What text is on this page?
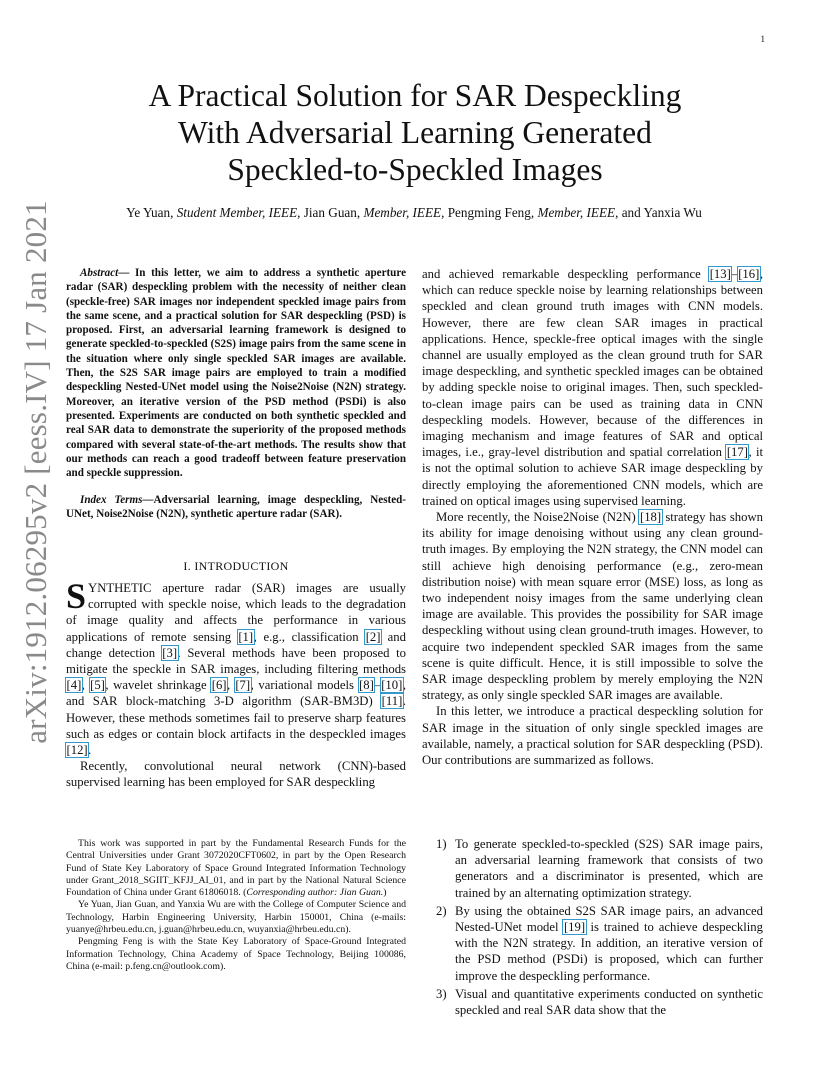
1
arXiv:1912.06295v2 [eess.IV] 17 Jan 2021
A Practical Solution for SAR Despeckling
With Adversarial Learning Generated
Speckled-to-Speckled Images
Ye Yuan, Student Member, IEEE, Jian Guan, Member, IEEE, Pengming Feng, Member, IEEE, and Yanxia Wu

Abstract— In this letter, we aim to address a synthetic aperture radar (SAR) despeckling problem with the necessity of neither clean (speckle-free) SAR images nor independent speckled image pairs from the same scene, and a practical solution for SAR despeckling (PSD) is proposed. First, an adversarial learning framework is designed to generate speckled-to-speckled (S2S) image pairs from the same scene in the situation where only single speckled SAR images are available. Then, the S2S SAR image pairs are employed to train a modified despeckling Nested-UNet model using the Noise2Noise (N2N) strategy. Moreover, an iterative version of the PSD method (PSDi) is also presented. Experiments are conducted on both synthetic speckled and real SAR data to demonstrate the superiority of the proposed methods compared with several state-of-the-art methods. The results show that our methods can reach a good tradeoff between feature preservation and speckle suppression.

Index Terms—Adversarial learning, image despeckling, Nested-UNet, Noise2Noise (N2N), synthetic aperture radar (SAR).

I. INTRODUCTION

SYNTHETIC aperture radar (SAR) images are usually corrupted with speckle noise, which leads to the degradation of image quality and affects the performance in various applications of remote sensing [1], e.g., classification [2] and change detection [3]. Several methods have been proposed to mitigate the speckle in SAR images, including filtering methods [4], [5], wavelet shrinkage [6], [7], variational models [8]–[10], and SAR block-matching 3-D algorithm (SAR-BM3D) [11]. However, these methods sometimes fail to preserve sharp features such as edges or contain block artifacts in the despeckled images [12].

Recently, convolutional neural network (CNN)-based supervised learning has been employed for SAR despeckling

and achieved remarkable despeckling performance [13]–[16], which can reduce speckle noise by learning relationships between speckled and clean ground truth images with CNN models. However, there are few clean SAR images in practical applications. Hence, speckle-free optical images with the single channel are usually employed as the clean ground truth for SAR image despeckling, and synthetic speckled images can be obtained by adding speckle noise to original images. Then, such speckled-to-clean image pairs can be used as training data in CNN despeckling models. However, because of the differences in imaging mechanism and image features of SAR and optical images, i.e., gray-level distribution and spatial correlation [17], it is not the optimal solution to achieve SAR image despeckling by directly employing the aforementioned CNN models, which are trained on optical images using supervised learning.

More recently, the Noise2Noise (N2N) [18] strategy has shown its ability for image denoising without using any clean ground-truth images. By employing the N2N strategy, the CNN model can still achieve high denoising performance (e.g., zero-mean distribution noise) with mean square error (MSE) loss, as long as two independent noisy images from the same underlying clean image are available. This provides the possibility for SAR image despeckling without using clean ground-truth images. However, to acquire two independent speckled SAR images from the same scene is quite difficult. Hence, it is still impossible to solve the SAR image despeckling problem by merely employing the N2N strategy, as only single speckled SAR images are available.

In this letter, we introduce a practical despeckling solution for SAR image in the situation of only single speckled images are available, namely, a practical solution for SAR despeckling (PSD). Our contributions are summarized as follows.

This work was supported in part by the Fundamental Research Funds for the Central Universities under Grant 3072020CFT0602, in part by the Open Research Fund of State Key Laboratory of Space Ground Integrated Information Technology under Grant_2018_SGIIT_KFJJ_AI_01, and in part by the National Natural Science Foundation of China under Grant 61806018. (Corresponding author: Jian Guan.)

Ye Yuan, Jian Guan, and Yanxia Wu are with the College of Computer Science and Technology, Harbin Engineering University, Harbin 150001, China (e-mails: yuanye@hrbeu.edu.cn, j.guan@hrbeu.edu.cn, wuyanxia@hrbeu.edu.cn).

Pengming Feng is with the State Key Laboratory of Space-Ground Integrated Information Technology, China Academy of Space Technology, Beijing 100086, China (e-mail: p.feng.cn@outlook.com).

1) To generate speckled-to-speckled (S2S) SAR image pairs, an adversarial learning framework that consists of two generators and a discriminator is presented, which are trained by an alternating optimization strategy.
2) By using the obtained S2S SAR image pairs, an advanced Nested-UNet model [19] is trained to achieve despeckling with the N2N strategy. In addition, an iterative version of the PSD method (PSDi) is proposed, which can further improve the despeckling performance.
3) Visual and quantitative experiments conducted on synthetic speckled and real SAR data show that the
